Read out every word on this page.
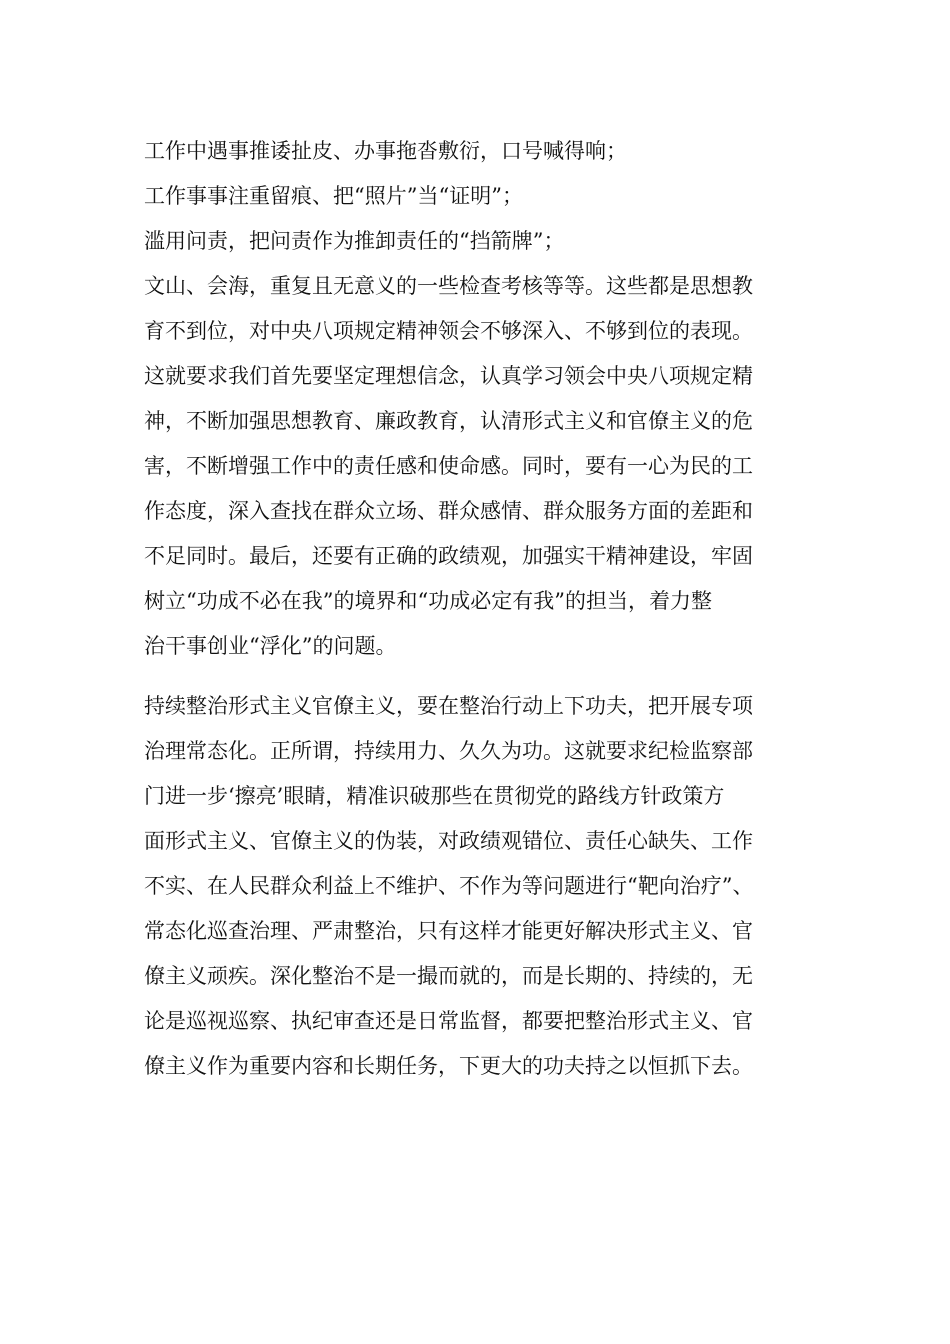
工作中遇事推诿扯皮、办事拖沓敷衍，口号喊得响；
工作事事注重留痕、把“照片”当“证明”；
滥用问责，把问责作为推卸责任的“挡箭牌”；
文山、会海，重复且无意义的一些检查考核等等。这些都是思想教
育不到位，对中央八项规定精神领会不够深入、不够到位的表现。
这就要求我们首先要坚定理想信念，认真学习领会中央八项规定精
神，不断加强思想教育、廉政教育，认清形式主义和官僚主义的危
害，不断增强工作中的责任感和使命感。同时，要有一心为民的工
作态度，深入查找在群众立场、群众感情、群众服务方面的差距和
不足同时。最后，还要有正确的政绩观，加强实干精神建设，牢固
树立“功成不必在我”的境界和“功成必定有我”的担当，着力整
治干事创业“浮化”的问题。
持续整治形式主义官僚主义，要在整治行动上下功夫，把开展专项
治理常态化。正所谓，持续用力、久久为功。这就要求纪检监察部
门进一步‘擦亮’眼睛，精准识破那些在贯彻党的路线方针政策方
面形式主义、官僚主义的伪装，对政绩观错位、责任心缺失、工作
不实、在人民群众利益上不维护、不作为等问题进行“靶向治疗”、
常态化巡查治理、严肃整治，只有这样才能更好解决形式主义、官
僚主义顽疾。深化整治不是一撮而就的，而是长期的、持续的，无
论是巡视巡察、执纪审查还是日常监督，都要把整治形式主义、官
僚主义作为重要内容和长期任务，下更大的功夫持之以恒抓下去。
